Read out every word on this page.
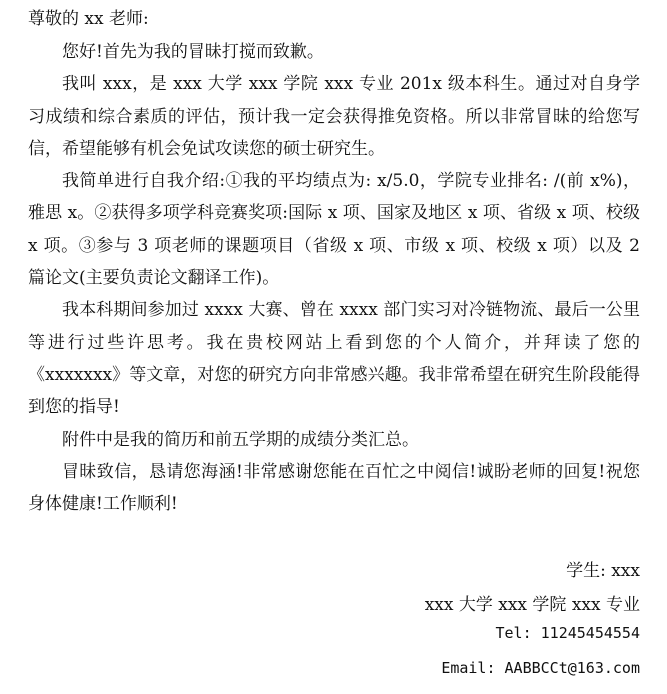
尊敬的 xx 老师:

您好!首先为我的冒昧打搅而致歉。

我叫 xxx，是 xxx 大学 xxx 学院 xxx 专业 201x 级本科生。通过对自身学习成绩和综合素质的评估，预计我一定会获得推免资格。所以非常冒昧的给您写信，希望能够有机会免试攻读您的硕士研究生。

我简单进行自我介绍:①我的平均绩点为: x/5.0，学院专业排名: /(前 x%)，雅思 x。②获得多项学科竞赛奖项:国际 x 项、国家及地区 x 项、省级 x 项、校级 x 项。③参与 3 项老师的课题项目（省级 x 项、市级 x 项、校级 x 项）以及 2 篇论文(主要负责论文翻译工作)。

我本科期间参加过 xxxx 大赛、曾在 xxxx 部门实习对冷链物流、最后一公里等进行过些许思考。我在贵校网站上看到您的个人简介，并拜读了您的《xxxxxxx》等文章，对您的研究方向非常感兴趣。我非常希望在研究生阶段能得到您的指导!

附件中是我的简历和前五学期的成绩分类汇总。

冒昧致信，恳请您海涵!非常感谢您能在百忙之中阅信!诚盼老师的回复!祝您身体健康!工作顺利!

学生: xxx
xxx 大学 xxx 学院 xxx 专业
Tel: 11245454554
Email: AABBCCt@163.com
